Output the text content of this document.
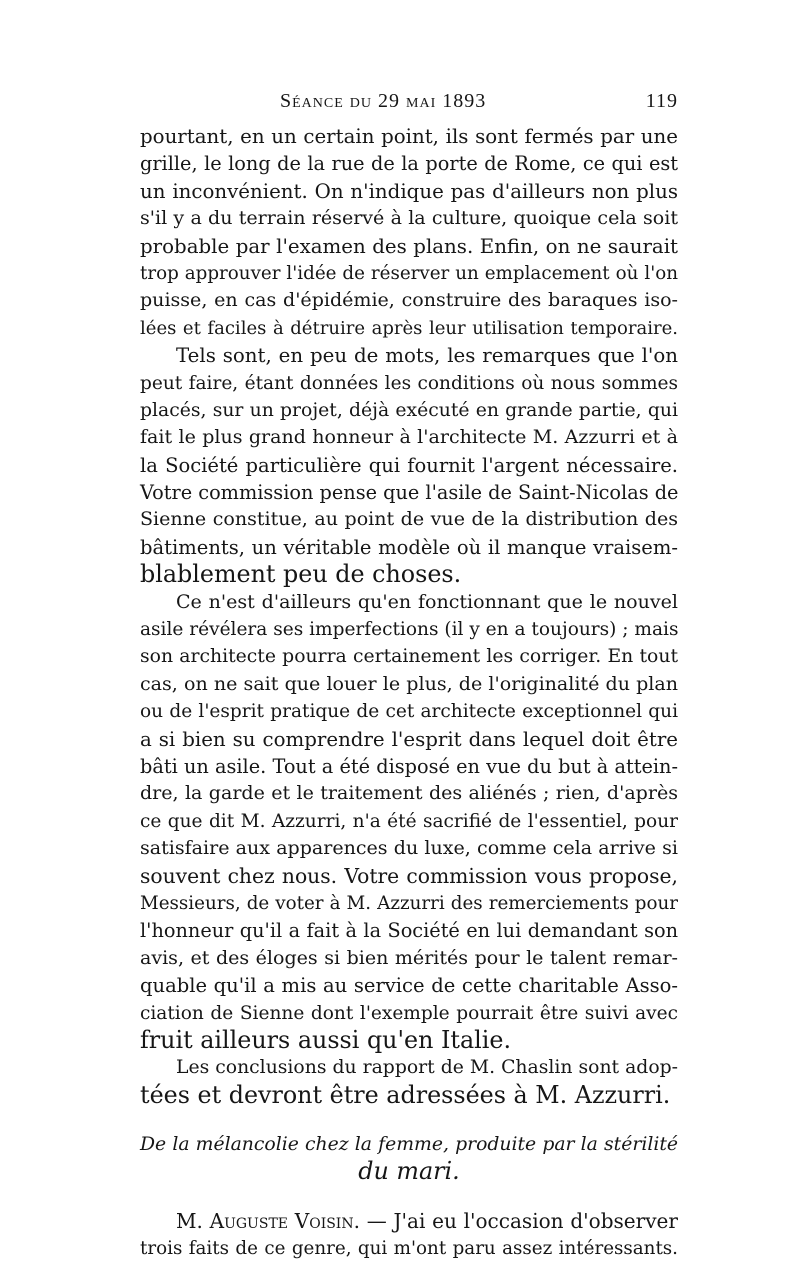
Séance du 29 mai 1893	119
pourtant, en un certain point, ils sont fermés par une
grille, le long de la rue de la porte de Rome, ce qui est
un inconvénient. On n'indique pas d'ailleurs non plus
s'il y a du terrain réservé à la culture, quoique cela soit
probable par l'examen des plans. Enfin, on ne saurait
trop approuver l'idée de réserver un emplacement où l'on
puisse, en cas d'épidémie, construire des baraques iso-
lées et faciles à détruire après leur utilisation temporaire.
Tels sont, en peu de mots, les remarques que l'on
peut faire, étant données les conditions où nous sommes
placés, sur un projet, déjà exécuté en grande partie, qui
fait le plus grand honneur à l'architecte M. Azzurri et à
la Société particulière qui fournit l'argent nécessaire.
Votre commission pense que l'asile de Saint-Nicolas de
Sienne constitue, au point de vue de la distribution des
bâtiments, un véritable modèle où il manque vraisem-
blablement peu de choses.
Ce n'est d'ailleurs qu'en fonctionnant que le nouvel
asile révélera ses imperfections (il y en a toujours) ; mais
son architecte pourra certainement les corriger. En tout
cas, on ne sait que louer le plus, de l'originalité du plan
ou de l'esprit pratique de cet architecte exceptionnel qui
a si bien su comprendre l'esprit dans lequel doit être
bâti un asile. Tout a été disposé en vue du but à attein-
dre, la garde et le traitement des aliénés ; rien, d'après
ce que dit M. Azzurri, n'a été sacrifié de l'essentiel, pour
satisfaire aux apparences du luxe, comme cela arrive si
souvent chez nous. Votre commission vous propose,
Messieurs, de voter à M. Azzurri des remerciements pour
l'honneur qu'il a fait à la Société en lui demandant son
avis, et des éloges si bien mérités pour le talent remar-
quable qu'il a mis au service de cette charitable Asso-
ciation de Sienne dont l'exemple pourrait être suivi avec
fruit ailleurs aussi qu'en Italie.
Les conclusions du rapport de M. Chaslin sont adop-
tées et devront être adressées à M. Azzurri.
De la mélancolie chez la femme, produite par la stérilité
du mari.
M. Auguste Voisin. — J'ai eu l'occasion d'observer
trois faits de ce genre, qui m'ont paru assez intéressants.
